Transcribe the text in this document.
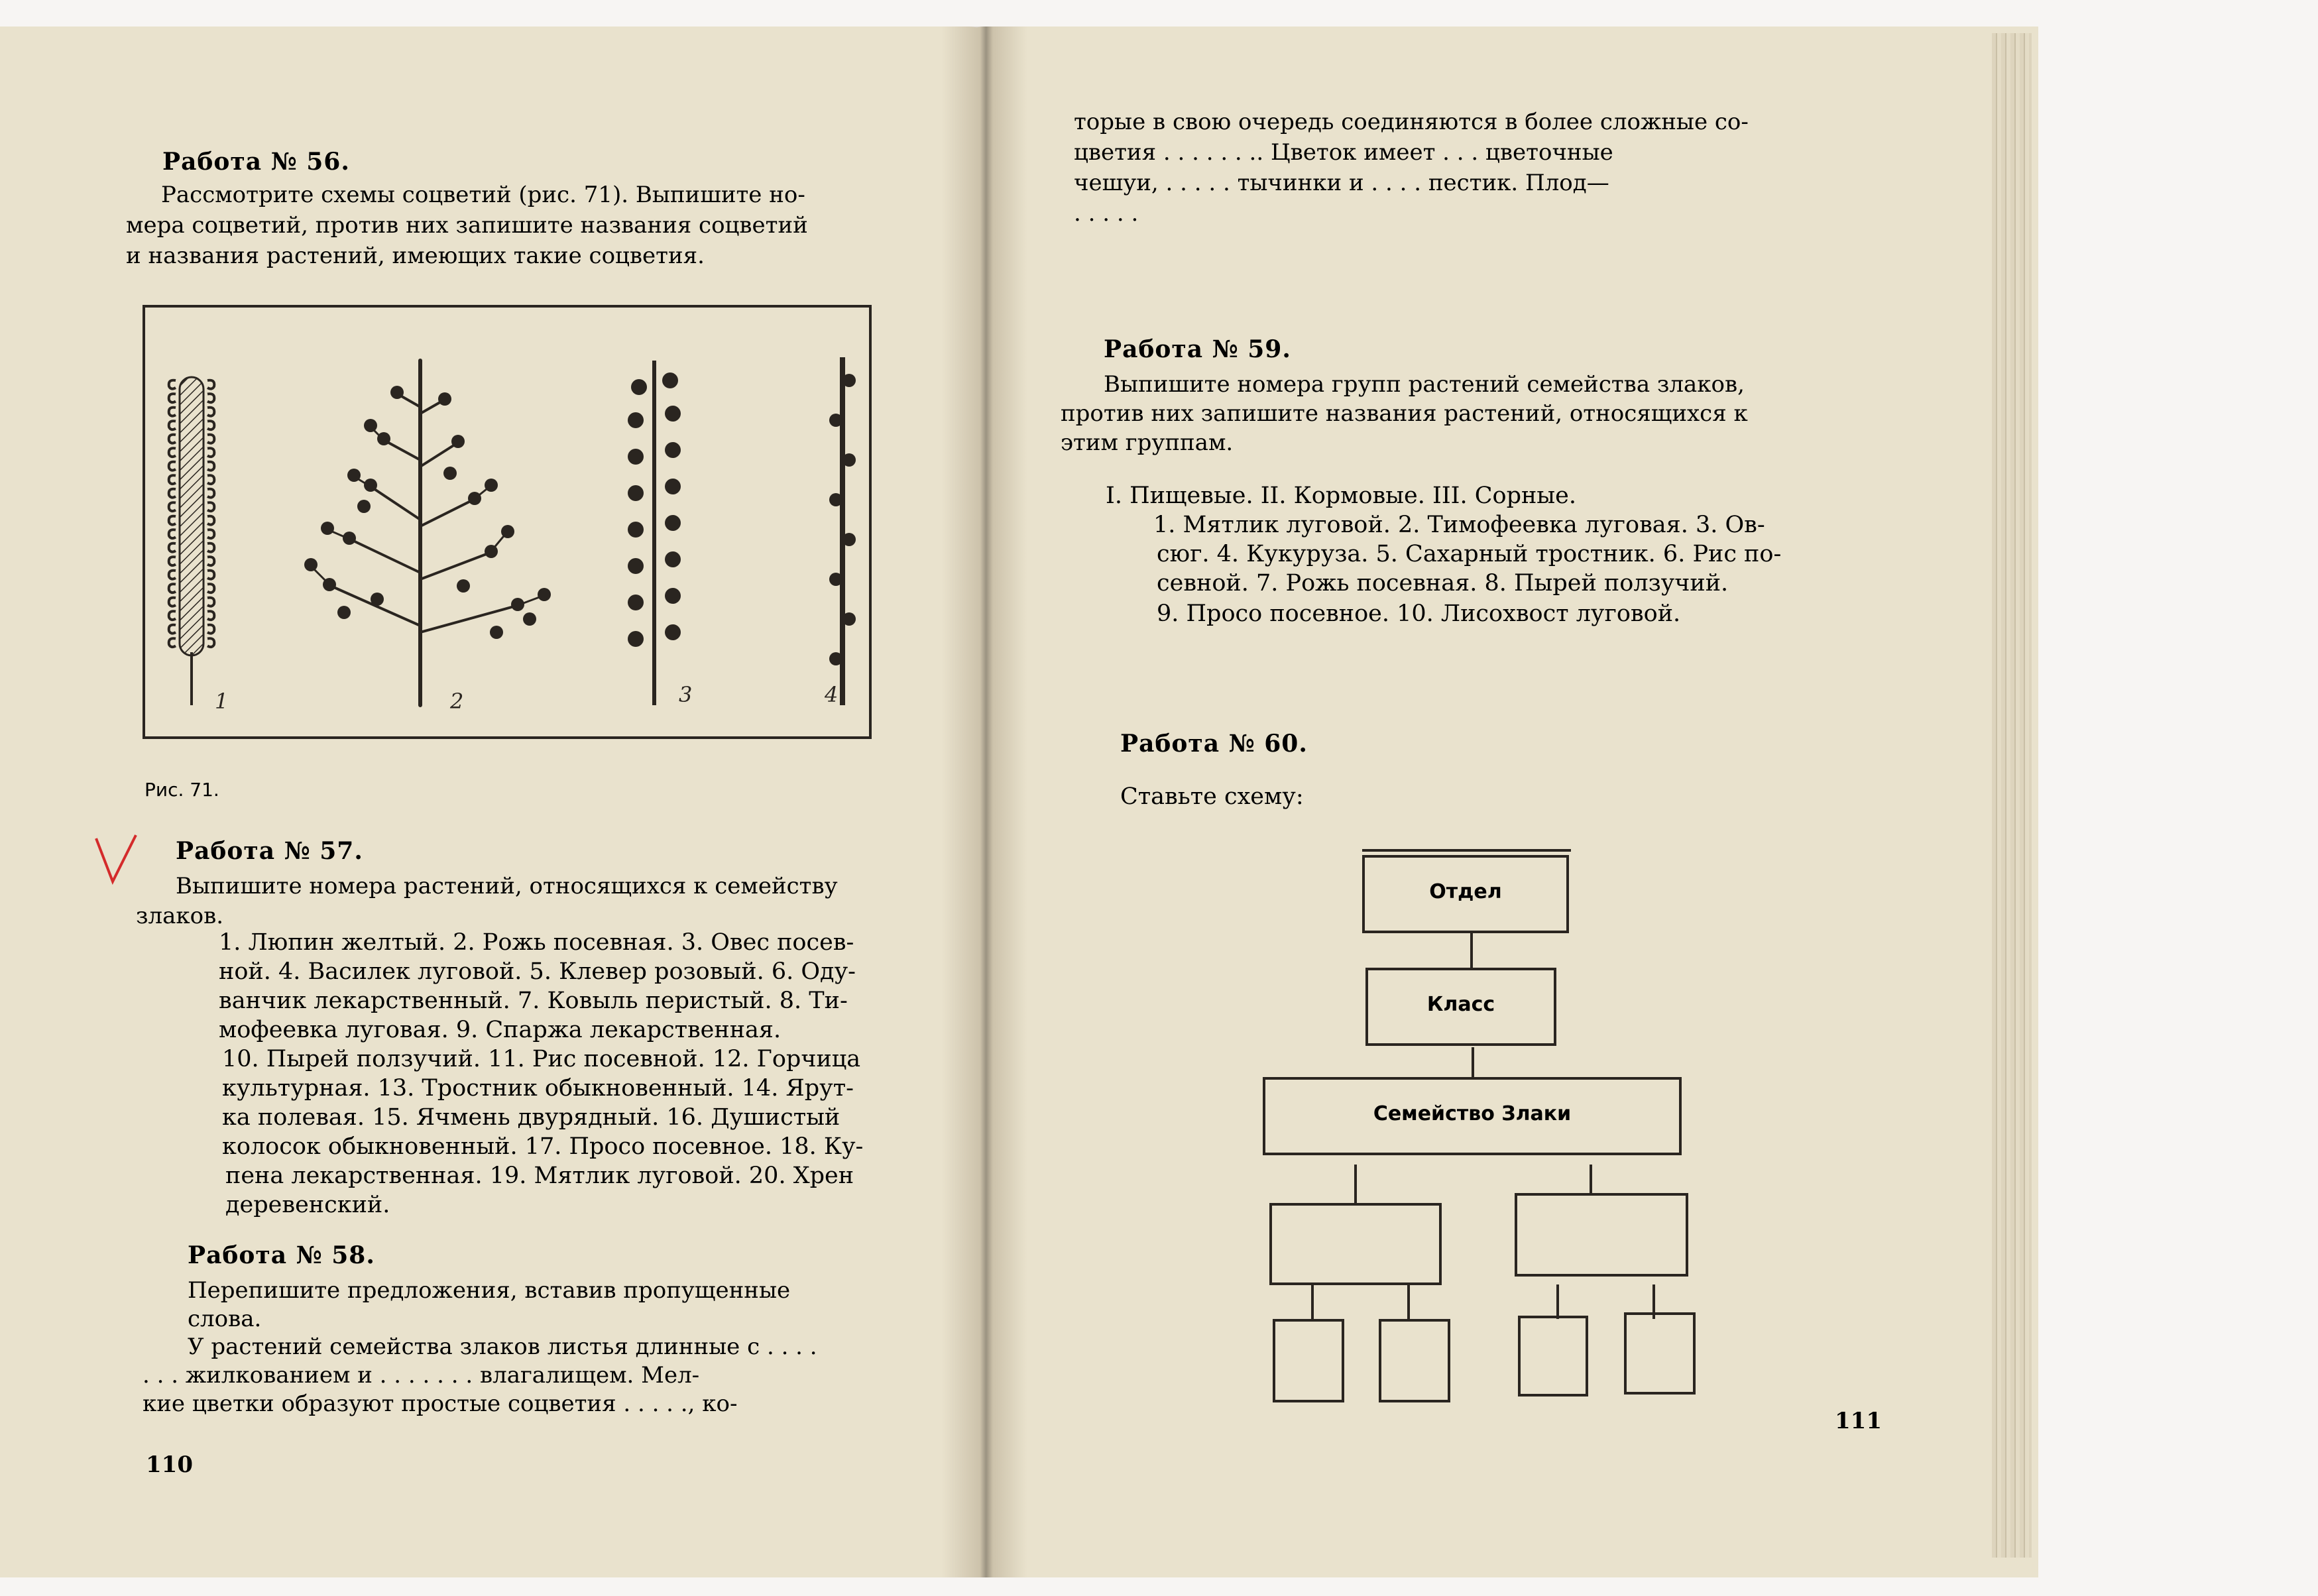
Работа № 56.
Рассмотрите схемы соцветий (рис. 71). Выпишите но-
мера соцветий, против них запишите названия соцветий
и названия растений, имеющих такие соцветия.
1	2	3	4
Рис. 71.
Работа № 57.
Выпишите номера растений, относящихся к семейству
злаков.
1. Люпин желтый. 2. Рожь посевная. 3. Овес посев-
ной. 4. Василек луговой. 5. Клевер розовый. 6. Оду-
ванчик лекарственный. 7. Ковыль перистый. 8. Ти-
мофеевка луговая. 9. Спаржа лекарственная.
10. Пырей ползучий. 11. Рис посевной. 12. Горчица
культурная. 13. Тростник обыкновенный. 14. Ярут-
ка полевая. 15. Ячмень двурядный. 16. Душистый
колосок обыкновенный. 17. Просо посевное. 18. Ку-
пена лекарственная. 19. Мятлик луговой. 20. Хрен
деревенский.
Работа № 58.
Перепишите предложения, вставив пропущенные
слова.
У растений семейства злаков листья длинные с . . . .
. . . жилкованием и . . . . . . . влагалищем. Мел-
кие цветки образуют простые соцветия . . . . ., ко-
110
торые в свою очередь соединяются в более сложные со-
цветия . . . . . . .. Цветок имеет . . . цветочные
чешуи, . . . . . тычинки и . . . . пестик. Плод—
. . . . .
Работа № 59.
Выпишите номера групп растений семейства злаков,
против них запишите названия растений, относящихся к
этим группам.
I. Пищевые. II. Кормовые. III. Сорные.
1. Мятлик луговой. 2. Тимофеевка луговая. 3. Ов-
сюг. 4. Кукуруза. 5. Сахарный тростник. 6. Рис по-
севной. 7. Рожь посевная. 8. Пырей ползучий.
9. Просо посевное. 10. Лисохвост луговой.
Работа № 60.
Ставьте схему:
Отдел
Класс
Семейство Злаки
111
